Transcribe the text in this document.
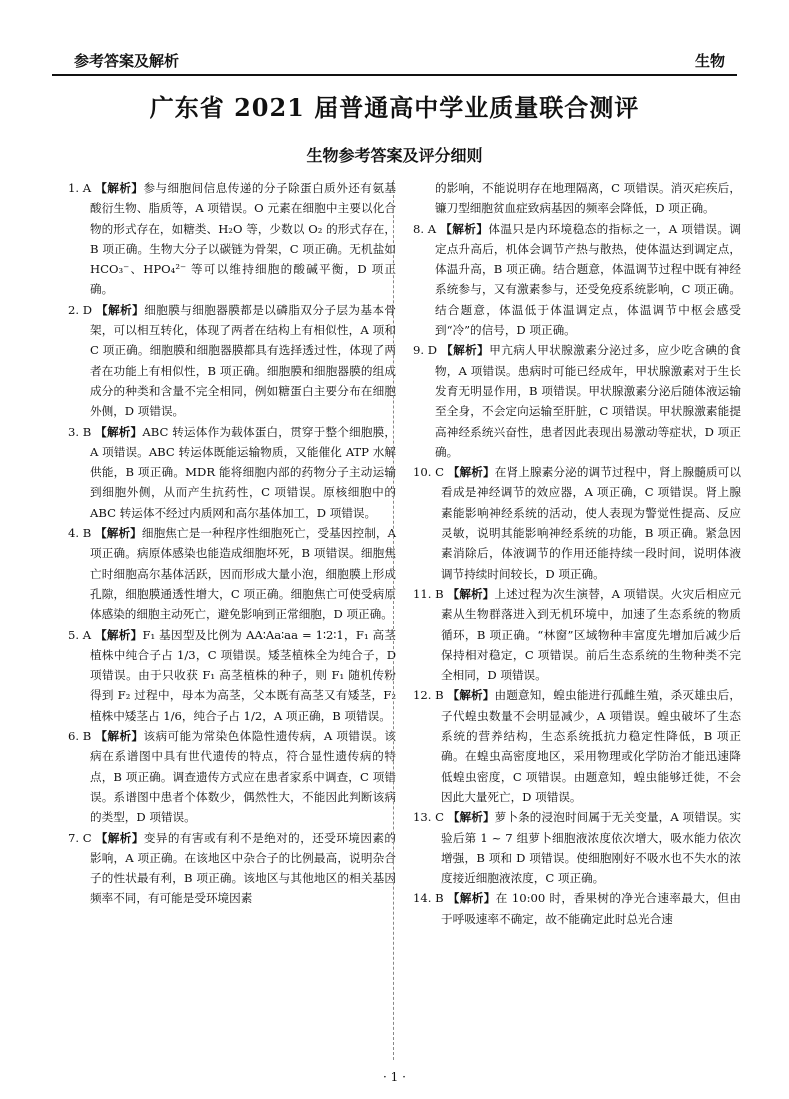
参考答案及解析	生物
广东省 2021 届普通高中学业质量联合测评
生物参考答案及评分细则

1. A 【解析】参与细胞间信息传递的分子除蛋白质外还有氨基酸衍生物、脂质等，A 项错误。O 元素在细胞中主要以化合物的形式存在，如糖类、H₂O 等，少数以 O₂ 的形式存在，B 项正确。生物大分子以碳链为骨架，C 项正确。无机盐如 HCO₃⁻、HPO₄²⁻ 等可以维持细胞的酸碱平衡，D 项正确。

2. D 【解析】细胞膜与细胞器膜都是以磷脂双分子层为基本骨架，可以相互转化，体现了两者在结构上有相似性，A 项和 C 项正确。细胞膜和细胞器膜都具有选择透过性，体现了两者在功能上有相似性，B 项正确。细胞膜和细胞器膜的组成成分的种类和含量不完全相同，例如糖蛋白主要分布在细胞外侧，D 项错误。

3. B 【解析】ABC 转运体作为载体蛋白，贯穿于整个细胞膜，A 项错误。ABC 转运体既能运输物质，又能催化 ATP 水解供能，B 项正确。MDR 能将细胞内部的药物分子主动运输到细胞外侧，从而产生抗药性，C 项错误。原核细胞中的 ABC 转运体不经过内质网和高尔基体加工，D 项错误。

4. B 【解析】细胞焦亡是一种程序性细胞死亡，受基因控制，A 项正确。病原体感染也能造成细胞坏死，B 项错误。细胞焦亡时细胞高尔基体活跃，因而形成大量小泡，细胞膜上形成孔隙，细胞膜通透性增大，C 项正确。细胞焦亡可使受病原体感染的细胞主动死亡，避免影响到正常细胞，D 项正确。

5. A 【解析】F₁ 基因型及比例为 AA∶Aa∶aa = 1∶2∶1，F₁ 高茎植株中纯合子占 1/3，C 项错误。矮茎植株全为纯合子，D 项错误。由于只收获 F₁ 高茎植株的种子，则 F₁ 随机传粉得到 F₂ 过程中，母本为高茎，父本既有高茎又有矮茎，F₂ 植株中矮茎占 1/6，纯合子占 1/2，A 项正确，B 项错误。

6. B 【解析】该病可能为常染色体隐性遗传病，A 项错误。该病在系谱图中具有世代遗传的特点，符合显性遗传病的特点，B 项正确。调查遗传方式应在患者家系中调查，C 项错误。系谱图中患者个体数少，偶然性大，不能因此判断该病的类型，D 项错误。

7. C 【解析】变异的有害或有利不是绝对的，还受环境因素的影响，A 项正确。在该地区中杂合子的比例最高，说明杂合子的性状最有利，B 项正确。该地区与其他地区的相关基因频率不同，有可能是受环境因素

的影响，不能说明存在地理隔离，C 项错误。消灭疟疾后，镰刀型细胞贫血症致病基因的频率会降低，D 项正确。

8. A 【解析】体温只是内环境稳态的指标之一，A 项错误。调定点升高后，机体会调节产热与散热，使体温达到调定点，体温升高，B 项正确。结合题意，体温调节过程中既有神经系统参与，又有激素参与，还受免疫系统影响，C 项正确。结合题意，体温低于体温调定点，体温调节中枢会感受到“冷”的信号，D 项正确。

9. D 【解析】甲亢病人甲状腺激素分泌过多，应少吃含碘的食物，A 项错误。患病时可能已经成年，甲状腺激素对于生长发育无明显作用，B 项错误。甲状腺激素分泌后随体液运输至全身，不会定向运输至肝脏，C 项错误。甲状腺激素能提高神经系统兴奋性，患者因此表现出易激动等症状，D 项正确。

10. C 【解析】在肾上腺素分泌的调节过程中，肾上腺髓质可以看成是神经调节的效应器，A 项正确，C 项错误。肾上腺素能影响神经系统的活动，使人表现为警觉性提高、反应灵敏，说明其能影响神经系统的功能，B 项正确。紧急因素消除后，体液调节的作用还能持续一段时间，说明体液调节持续时间较长，D 项正确。

11. B 【解析】上述过程为次生演替，A 项错误。火灾后相应元素从生物群落进入到无机环境中，加速了生态系统的物质循环，B 项正确。“林窗”区域物种丰富度先增加后减少后保持相对稳定，C 项错误。前后生态系统的生物种类不完全相同，D 项错误。

12. B 【解析】由题意知，蝗虫能进行孤雌生殖，杀灭雄虫后，子代蝗虫数量不会明显减少，A 项错误。蝗虫破坏了生态系统的营养结构，生态系统抵抗力稳定性降低，B 项正确。在蝗虫高密度地区，采用物理或化学防治才能迅速降低蝗虫密度，C 项错误。由题意知，蝗虫能够迁徙，不会因此大量死亡，D 项错误。

13. C 【解析】萝卜条的浸泡时间属于无关变量，A 项错误。实验后第 1 ~ 7 组萝卜细胞液浓度依次增大，吸水能力依次增强，B 项和 D 项错误。使细胞刚好不吸水也不失水的浓度接近细胞液浓度，C 项正确。

14. B 【解析】在 10:00 时，香果树的净光合速率最大，但由于呼吸速率不确定，故不能确定此时总光合速

· 1 ·
